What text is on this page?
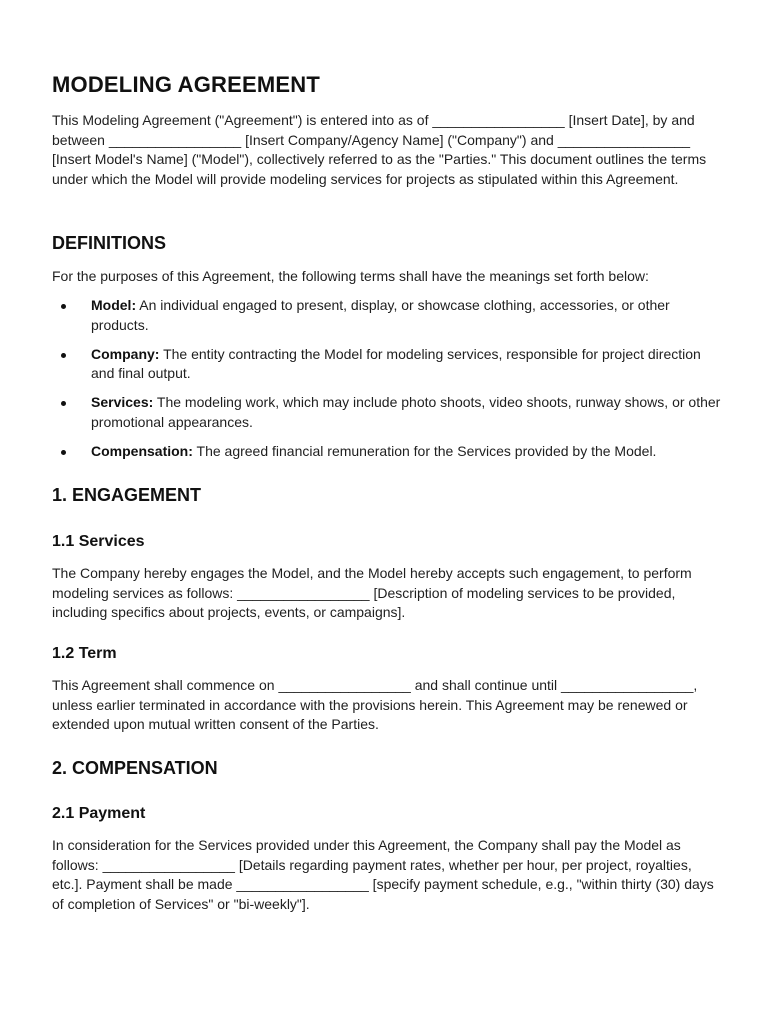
MODELING AGREEMENT

This Modeling Agreement ("Agreement") is entered into as of _________________ [Insert Date], by and between _________________ [Insert Company/Agency Name] ("Company") and _________________ [Insert Model's Name] ("Model"), collectively referred to as the "Parties." This document outlines the terms under which the Model will provide modeling services for projects as stipulated within this Agreement.

DEFINITIONS

For the purposes of this Agreement, the following terms shall have the meanings set forth below:

Model: An individual engaged to present, display, or showcase clothing, accessories, or other products.
Company: The entity contracting the Model for modeling services, responsible for project direction and final output.
Services: The modeling work, which may include photo shoots, video shoots, runway shows, or other promotional appearances.
Compensation: The agreed financial remuneration for the Services provided by the Model.
1. ENGAGEMENT
1.1 Services

The Company hereby engages the Model, and the Model hereby accepts such engagement, to perform modeling services as follows: _________________ [Description of modeling services to be provided, including specifics about projects, events, or campaigns].

1.2 Term

This Agreement shall commence on _________________ and shall continue until _________________, unless earlier terminated in accordance with the provisions herein. This Agreement may be renewed or extended upon mutual written consent of the Parties.

2. COMPENSATION
2.1 Payment

In consideration for the Services provided under this Agreement, the Company shall pay the Model as follows: _________________ [Details regarding payment rates, whether per hour, per project, royalties, etc.]. Payment shall be made _________________ [specify payment schedule, e.g., "within thirty (30) days of completion of Services" or "bi-weekly"].
